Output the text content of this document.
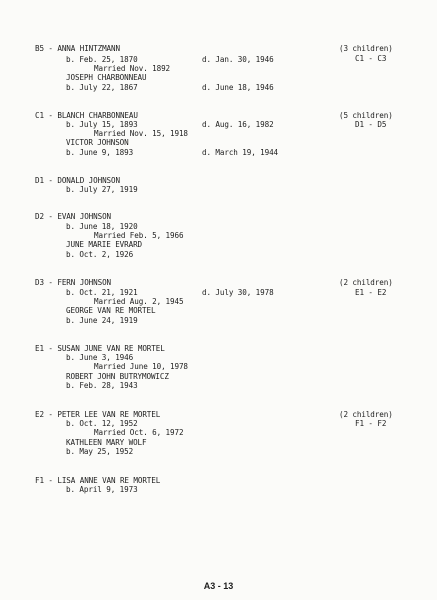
B5 - ANNA HINTZMANN
b. Feb. 25, 1870	d. Jan. 30, 1946
Married Nov. 1892
JOSEPH CHARBONNEAU
b. July 22, 1867	d. June 18, 1946
(3 children)
C1 - C3
C1 - BLANCH CHARBONNEAU
b. July 15, 1893	d. Aug. 16, 1982
Married Nov. 15, 1918
VICTOR JOHNSON
b. June 9, 1893	d. March 19, 1944
(5 children)
D1 - D5
D1 - DONALD JOHNSON
b. July 27, 1919
D2 - EVAN JOHNSON
b. June 18, 1920
Married Feb. 5, 1966
JUNE MARIE EVRARD
b. Oct. 2, 1926
D3 - FERN JOHNSON
b. Oct. 21, 1921	d. July 30, 1978
Married Aug. 2, 1945
GEORGE VAN RE MORTEL
b. June 24, 1919
(2 children)
E1 - E2
E1 - SUSAN JUNE VAN RE MORTEL
b. June 3, 1946
Married June 10, 1978
ROBERT JOHN BUTRYMOWICZ
b. Feb. 28, 1943
E2 - PETER LEE VAN RE MORTEL
b. Oct. 12, 1952
Married Oct. 6, 1972
KATHLEEN MARY WOLF
b. May 25, 1952
(2 children)
F1 - F2
F1 - LISA ANNE VAN RE MORTEL
b. April 9, 1973
A3 - 13
